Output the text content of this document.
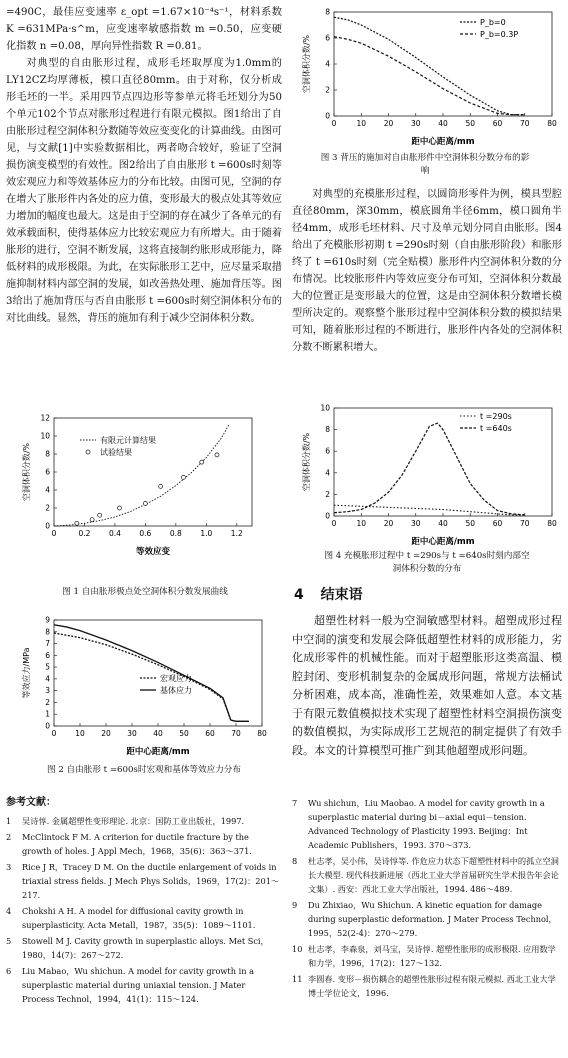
=490C，最佳应变速率 ε_opt =1.67×10⁻⁴s⁻¹，材料系数 K =631MPa·s^m，应变速率敏感指数 m =0.50，应变硬化指数 n =0.08，厚向异性指数 R =0.81。

对典型的自由胀形过程，成形毛坯取厚度为1.0mm的LY12CZ均厚薄板，模口直径80mm。由于对称，仅分析成形毛坯的一半。采用四节点四边形等参单元将毛坯划分为50个单元102个节点对胀形过程进行有限元模拟。图1给出了自由胀形过程空洞体积分数随等效应变变化的计算曲线。由图可见，与文献[1]中实验数据相比，两者吻合较好，验证了空洞损伤演变模型的有效性。图2给出了自由胀形 t =600s时刻等效宏观应力和等效基体应力的分布比较。由图可见，空洞的存在增大了胀形件内各处的应力值，变形最大的极点处其等效应力增加的幅度也最大。这是由于空洞的存在减少了各单元的有效承载面积，使得基体应力比较宏观应力有所增大。由于随着胀形的进行，空洞不断发展，这将直接制约胀形成形能力，降低材料的成形极限。为此，在实际胀形工艺中，应尽量采取措施抑制材料内部空洞的发展，如改善热处理、施加背压等。图3给出了施加背压与否自由胀形 t =600s时刻空洞体积分布的对比曲线。显然，背压的施加有利于减少空洞体积分数。

对典型的充模胀形过程，以圆筒形零件为例，模具型腔直径80mm，深30mm，模底圆角半径6mm，模口圆角半径4mm，成形毛坯材料、尺寸及单元划分同自由胀形。图4给出了充模胀形初期 t =290s时刻（自由胀形阶段）和胀形终了 t =610s时刻（完全贴模）胀形件内空洞体积分数的分布情况。比较胀形件内等效应变分布可知，空洞体积分数最大的位置正是变形最大的位置，这是由空洞体积分数增长模型所决定的。观察整个胀形过程中空洞体积分数的模拟结果可知，随着胀形过程的不断进行，胀形件内各处的空洞体积分数不断累积增大。

0	10 20 30 40 50 60 70 80
0
2
4
6
8
距中心距离/mm
空洞体积分数/%
P_b=0
P_b=0.3P
图 3 背压的施加对自由胀形件中空洞体积分数分布的影响
0	0.2 0.4 0.6 0.8 1.0 1.2
0
2
4
6
8
10
12
等效应变
空洞体积分数/%
有限元计算结果
试验结果
图 1 自由胀形极点处空洞体积分数发展曲线
0	10 20 30 40 50 60 70 80
0
1
2
3
4
5
6
7
8
9
距中心距离/mm
等效应力/MPa	宏观应力
基体应力
图 2 自由胀形 t =600s时宏观和基体等效应力分布
0	10 20 30 40 50 60 70 80
0
2
4
6
8
10
距中心距离/mm
空洞体积分数/%
t =290s
t =640s
图 4 充模胀形过程中 t =290s与 t =640s时刻内部空洞体积分数的分布
4 结束语

超塑性材料一般为空洞敏感型材料。超塑成形过程中空洞的演变和发展会降低超塑性材料的成形能力，劣化成形零件的机械性能。而对于超塑胀形这类高温、模腔封闭、变形机制复杂的金属成形问题，常规方法桶试分析困难，成本高，准确性差，效果难如人意。本文基于有限元数值模拟技术实现了超塑性材料空洞损伤演变的数值模拟，为实际成形工艺规范的制定提供了有效手段。本文的计算模型可推广到其他超塑成形问题。

参考文献：
1	吴诗惇. 金属超塑性变形理论. 北京：国防工业出版社，1997.
2	McClintock F M. A criterion for ductile fracture by the growth of holes. J Appl Mech，1968，35(6)：363～371.
3	Rice J R，Tracey D M. On the ductile enlargement of voids in triaxial stress fields. J Mech Phys Solids，1969，17(2)：201～217.
4	Chokshi A H. A model for diffusional cavity growth in superplasticity. Acta Metall，1987，35(5)：1089～1101.
5	Stowell M J. Cavity growth in superplastic alloys. Met Sci，1980，14(7)：267～272.
6	Liu Mabao，Wu shichun. A model for cavity growth in a superplastic material during uniaxial tension. J Mater Process Technol，1994，41(1)：115～124.
7	Wu shichun，Liu Maobao. A model for cavity growth in a superplastic material during bi－axial equi－tension. Advanced Technology of Plasticity 1993. Beijing：Int Academic Publishers，1993. 370～373.
8	杜志孝，吴小伟，吴诗惇等. 作危应力状态下超塑性材料中的孤立空洞长大模型. 现代科技新进展（西北工业大学首届研究生学术报告年会论文集）. 西安：西北工业大学出版社，1994. 486～489.
9	Du Zhixiao，Wu Shichun. A kinetic equation for damage during superplastic deformation. J Mater Process Technol，1995，52(2-4)：270～279.
10 杜志孝，李森泉，刘马宝，吴诗惇. 超塑性胀形的成形极限. 应用数学和力学，1996，17(2)：127～132.
11 李圆春. 变形－损伤耦合的超塑性胀形过程有限元模拟. 西北工业大学博士学位论文，1996.
